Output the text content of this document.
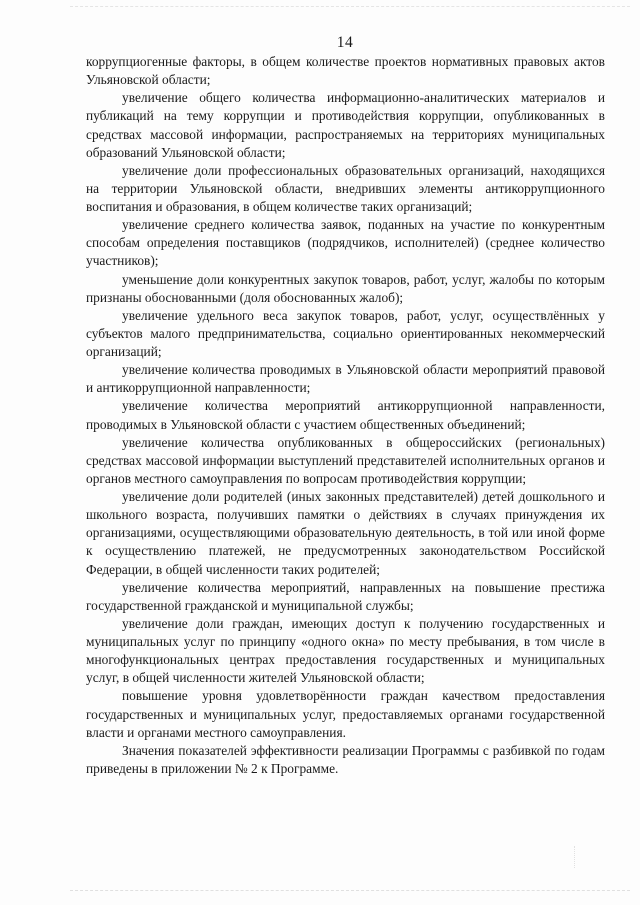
14

коррупциогенные факторы, в общем количестве проектов нормативных правовых актов Ульяновской области;

увеличение общего количества информационно-аналитических материалов и публикаций на тему коррупции и противодействия коррупции, опубликованных в средствах массовой информации, распространяемых на территориях муниципальных образований Ульяновской области;

увеличение доли профессиональных образовательных организаций, находящихся на территории Ульяновской области, внедривших элементы антикоррупционного воспитания и образования, в общем количестве таких организаций;

увеличение среднего количества заявок, поданных на участие по конкурентным способам определения поставщиков (подрядчиков, исполнителей) (среднее количество участников);

уменьшение доли конкурентных закупок товаров, работ, услуг, жалобы по которым признаны обоснованными (доля обоснованных жалоб);

увеличение удельного веса закупок товаров, работ, услуг, осуществлённых у субъектов малого предпринимательства, социально ориентированных некоммерческий организаций;

увеличение количества проводимых в Ульяновской области мероприятий правовой и антикоррупционной направленности;

увеличение количества мероприятий антикоррупционной направленности, проводимых в Ульяновской области с участием общественных объединений;

увеличение количества опубликованных в общероссийских (региональных) средствах массовой информации выступлений представителей исполнительных органов и органов местного самоуправления по вопросам противодействия коррупции;

увеличение доли родителей (иных законных представителей) детей дошкольного и школьного возраста, получивших памятки о действиях в случаях принуждения их организациями, осуществляющими образовательную деятельность, в той или иной форме к осуществлению платежей, не предусмотренных законодательством Российской Федерации, в общей численности таких родителей;

увеличение количества мероприятий, направленных на повышение престижа государственной гражданской и муниципальной службы;

увеличение доли граждан, имеющих доступ к получению государственных и муниципальных услуг по принципу «одного окна» по месту пребывания, в том числе в многофункциональных центрах предоставления государственных и муниципальных услуг, в общей численности жителей Ульяновской области;

повышение уровня удовлетворённости граждан качеством предоставления государственных и муниципальных услуг, предоставляемых органами государственной власти и органами местного самоуправления.

Значения показателей эффективности реализации Программы с разбивкой по годам приведены в приложении № 2 к Программе.
